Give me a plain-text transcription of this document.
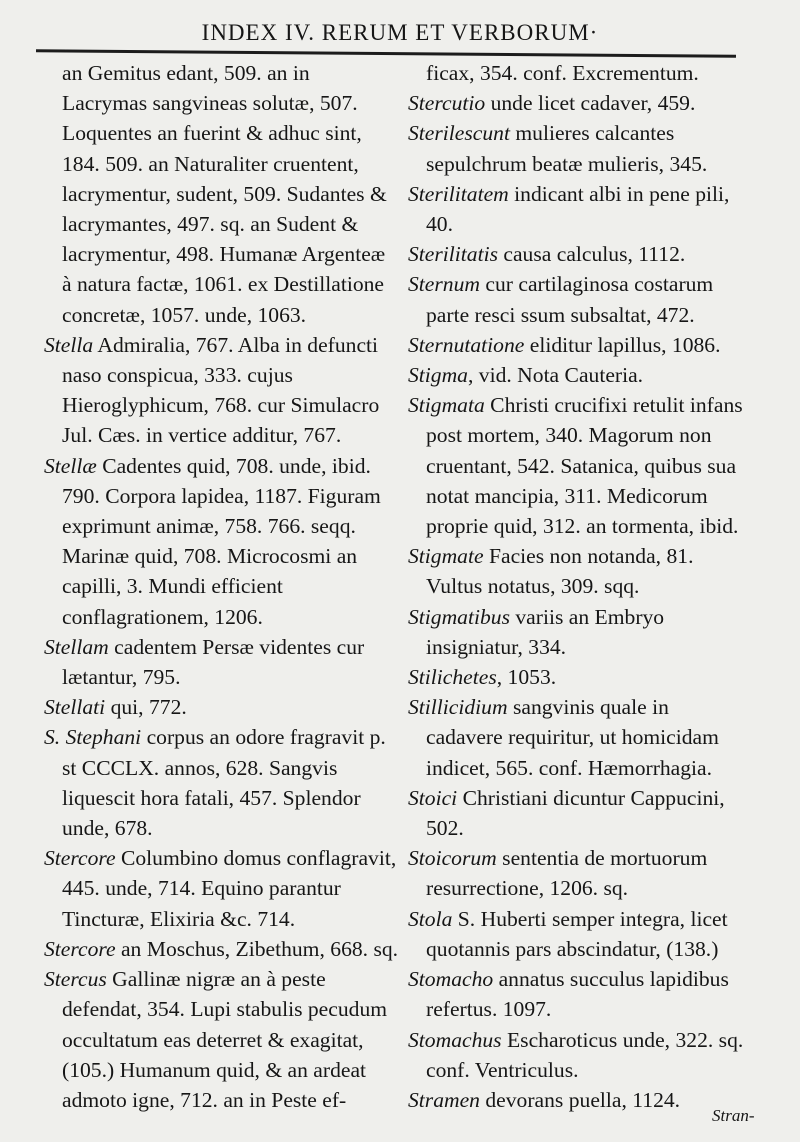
INDEX IV. RERUM ET VERBORUM·

an Gemitus edant, 509. an in Lacrymas sangvineas solutæ, 507. Loquentes an fuerint & adhuc sint, 184. 509. an Naturaliter cruentent, lacrymentur, sudent, 509. Sudantes & lacrymantes, 497. sq. an Sudent & lacrymentur, 498. Humanæ Argenteæ à natura factæ, 1061. ex Destillatione concretæ, 1057. unde, 1063.

Stella Admiralia, 767. Alba in defuncti naso conspicua, 333. cujus Hieroglyphicum, 768. cur Simulacro Jul. Cæs. in vertice additur, 767.

Stellæ Cadentes quid, 708. unde, ibid. 790. Corpora lapidea, 1187. Figuram exprimunt animæ, 758. 766. seqq. Marinæ quid, 708. Microcosmi an capilli, 3. Mundi efficient conflagrationem, 1206.

Stellam cadentem Persæ videntes cur lætantur, 795.

Stellati qui, 772.

S. Stephani corpus an odore fragravit p. st CCCLX. annos, 628. Sangvis liquescit hora fatali, 457. Splendor unde, 678.

Stercore Columbino domus conflagravit, 445. unde, 714. Equino parantur Tincturæ, Elixiria &c. 714.

Stercore an Moschus, Zibethum, 668. sq.

Stercus Gallinæ nigræ an à peste defendat, 354. Lupi stabulis pecudum occultatum eas deterret & exagitat, (105.) Humanum quid, & an ardeat admoto igne, 712. an in Peste ef-

ficax, 354. conf. Excrementum.

Stercutio unde licet cadaver, 459.

Sterilescunt mulieres calcantes sepulchrum beatæ mulieris, 345.

Sterilitatem indicant albi in pene pili, 40.

Sterilitatis causa calculus, 1112.

Sternum cur cartilaginosa costarum parte resci ssum subsaltat, 472.

Sternutatione eliditur lapillus, 1086.

Stigma, vid. Nota Cauteria.

Stigmata Christi crucifixi retulit infans post mortem, 340. Magorum non cruentant, 542. Satanica, quibus sua notat mancipia, 311. Medicorum proprie quid, 312. an tormenta, ibid.

Stigmate Facies non notanda, 81. Vultus notatus, 309. sqq.

Stigmatibus variis an Embryo insigniatur, 334.

Stilichetes, 1053.

Stillicidium sangvinis quale in cadavere requiritur, ut homicidam indicet, 565. conf. Hæmorrhagia.

Stoici Christiani dicuntur Cappucini, 502.

Stoicorum sententia de mortuorum resurrectione, 1206. sq.

Stola S. Huberti semper integra, licet quotannis pars abscindatur, (138.)

Stomacho annatus succulus lapidibus refertus. 1097.

Stomachus Escharoticus unde, 322. sq. conf. Ventriculus.

Stramen devorans puella, 1124.

Stran-
